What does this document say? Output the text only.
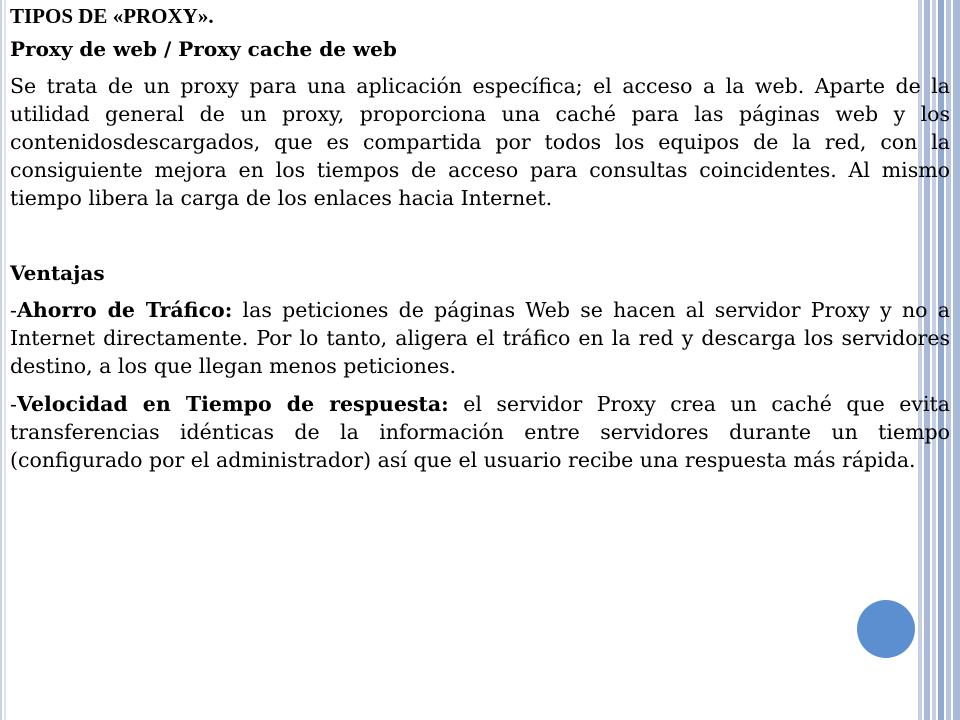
TIPOS DE «PROXY».
Proxy de web / Proxy cache de web

Se trata de un proxy para una aplicación específica; el acceso a la web. Aparte de la utilidad general de un proxy, proporciona una caché para las páginas web y los contenidosdescargados, que es compartida por todos los equipos de la red, con la consiguiente mejora en los tiempos de acceso para consultas coincidentes. Al mismo tiempo libera la carga de los enlaces hacia Internet.

Ventajas

-Ahorro de Tráfico: las peticiones de páginas Web se hacen al servidor Proxy y no a Internet directamente. Por lo tanto, aligera el tráfico en la red y descarga los servidores destino, a los que llegan menos peticiones.

-Velocidad en Tiempo de respuesta: el servidor Proxy crea un caché que evita transferencias idénticas de la información entre servidores durante un tiempo (configurado por el administrador) así que el usuario recibe una respuesta más rápida.
